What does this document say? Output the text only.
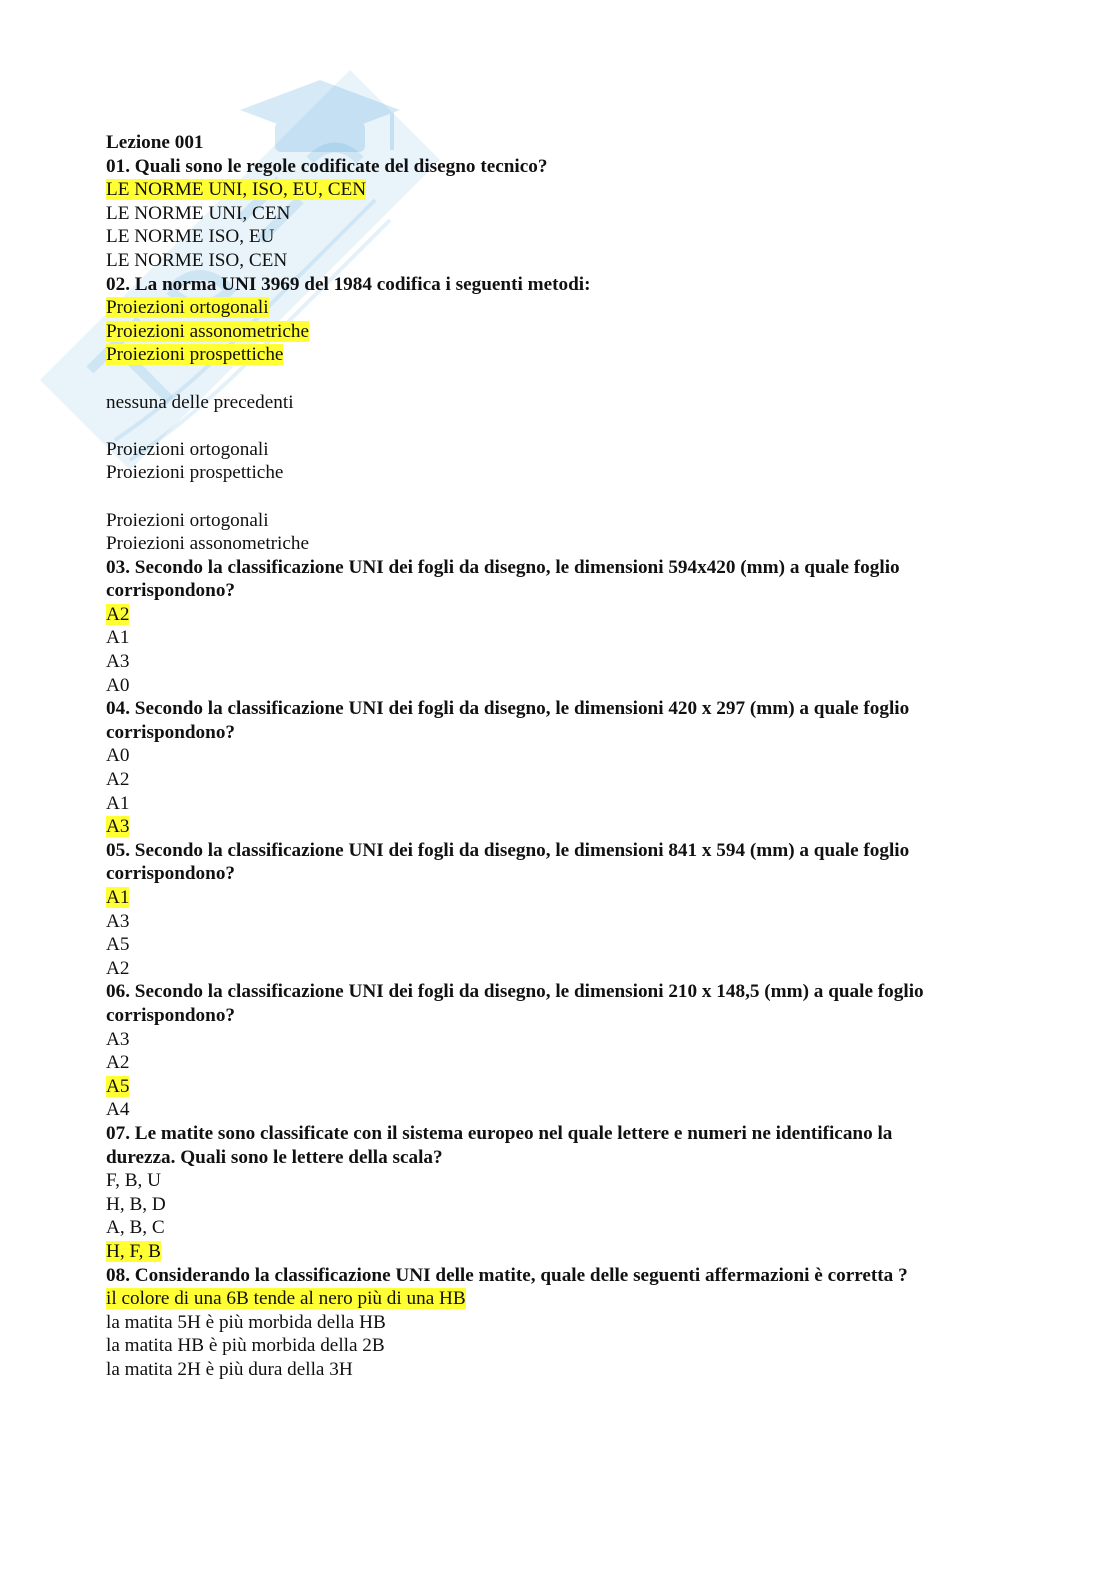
Lezione 001
01. Quali sono le regole codificate del disegno tecnico?
LE NORME UNI, ISO, EU, CEN
LE NORME UNI, CEN
LE NORME ISO, EU
LE NORME ISO, CEN
02. La norma UNI 3969 del 1984 codifica i seguenti metodi:
Proiezioni ortogonali
Proiezioni assonometriche
Proiezioni prospettiche
nessuna delle precedenti
Proiezioni ortogonali
Proiezioni prospettiche
Proiezioni ortogonali
Proiezioni assonometriche
03. Secondo la classificazione UNI dei fogli da disegno, le dimensioni 594x420 (mm) a quale foglio
corrispondono?
A2
A1
A3
A0
04. Secondo la classificazione UNI dei fogli da disegno, le dimensioni 420 x 297 (mm) a quale foglio
corrispondono?
A0
A2
A1
A3
05. Secondo la classificazione UNI dei fogli da disegno, le dimensioni 841 x 594 (mm) a quale foglio
corrispondono?
A1
A3
A5
A2
06. Secondo la classificazione UNI dei fogli da disegno, le dimensioni 210 x 148,5 (mm) a quale foglio
corrispondono?
A3
A2
A5
A4
07. Le matite sono classificate con il sistema europeo nel quale lettere e numeri ne identificano la
durezza. Quali sono le lettere della scala?
F, B, U
H, B, D
A, B, C
H, F, B
08. Considerando la classificazione UNI delle matite, quale delle seguenti affermazioni è corretta ?
il colore di una 6B tende al nero più di una HB
la matita 5H è più morbida della HB
la matita HB è più morbida della 2B
la matita 2H è più dura della 3H
